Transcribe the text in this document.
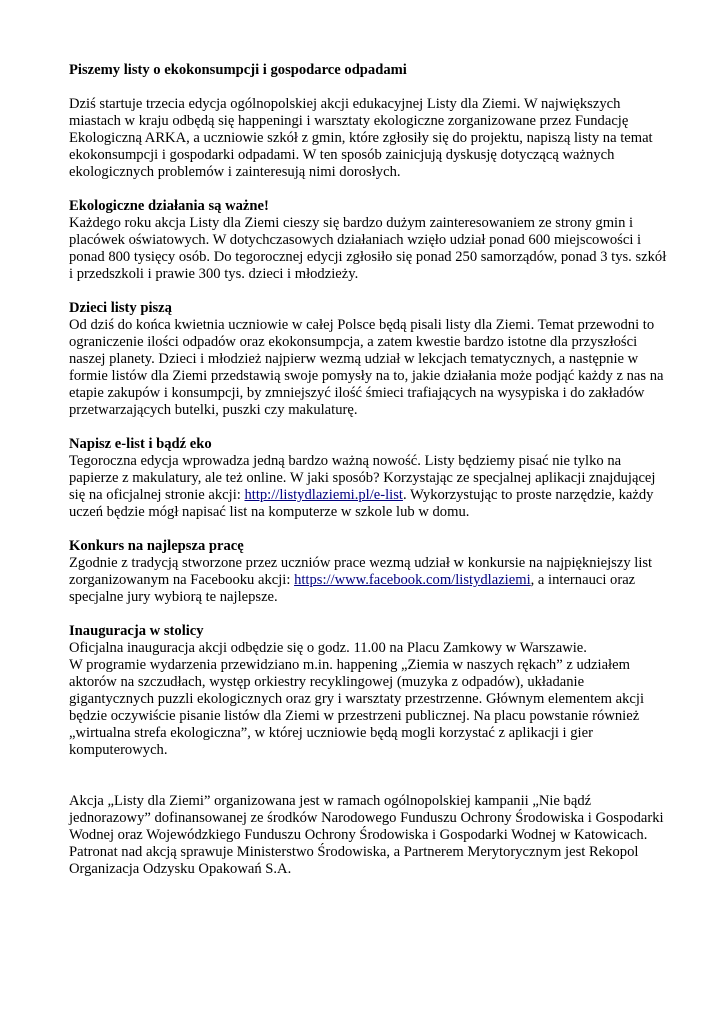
Piszemy listy o ekokonsumpcji i gospodarce odpadami

Dziś startuje trzecia edycja ogólnopolskiej akcji edukacyjnej Listy dla Ziemi. W największych miastach w kraju odbędą się happeningi i warsztaty ekologiczne zorganizowane przez Fundację Ekologiczną ARKA, a uczniowie szkół z gmin, które zgłosiły się do projektu, napiszą listy na temat ekokonsumpcji i gospodarki odpadami. W ten sposób zainicjują dyskusję dotyczącą ważnych ekologicznych problemów i zainteresują nimi dorosłych.

Ekologiczne działania są ważne!

Każdego roku akcja Listy dla Ziemi cieszy się bardzo dużym zainteresowaniem ze strony gmin i placówek oświatowych. W dotychczasowych działaniach wzięło udział ponad 600 miejscowości i ponad 800 tysięcy osób. Do tegorocznej edycji zgłosiło się ponad 250 samorządów, ponad 3 tys. szkół i przedszkoli i prawie 300 tys. dzieci i młodzieży.

Dzieci listy piszą

Od dziś do końca kwietnia uczniowie w całej Polsce będą pisali listy dla Ziemi. Temat przewodni to ograniczenie ilości odpadów oraz ekokonsumpcja, a zatem kwestie bardzo istotne dla przyszłości naszej planety. Dzieci i młodzież najpierw wezmą udział w lekcjach tematycznych, a następnie w formie listów dla Ziemi przedstawią swoje pomysły na to, jakie działania może podjąć każdy z nas na etapie zakupów i konsumpcji, by zmniejszyć ilość śmieci trafiających na wysypiska i do zakładów przetwarzających butelki, puszki czy makulaturę.

Napisz e-list i bądź eko

Tegoroczna edycja wprowadza jedną bardzo ważną nowość. Listy będziemy pisać nie tylko na papierze z makulatury, ale też online. W jaki sposób? Korzystając ze specjalnej aplikacji znajdującej się na oficjalnej stronie akcji: http://listydlaziemi.pl/e-list. Wykorzystując to proste narzędzie, każdy uczeń będzie mógł napisać list na komputerze w szkole lub w domu.

Konkurs na najlepsza pracę

Zgodnie z tradycją stworzone przez uczniów prace wezmą udział w konkursie na najpiękniejszy list zorganizowanym na Facebooku akcji: https://www.facebook.com/listydlaziemi, a internauci oraz specjalne jury wybiorą te najlepsze.

Inauguracja w stolicy

Oficjalna inauguracja akcji odbędzie się o godz. 11.00 na Placu Zamkowy w Warszawie.

W programie wydarzenia przewidziano m.in. happening „Ziemia w naszych rękach” z udziałem aktorów na szczudłach, występ orkiestry recyklingowej (muzyka z odpadów), układanie gigantycznych puzzli ekologicznych oraz gry i warsztaty przestrzenne. Głównym elementem akcji będzie oczywiście pisanie listów dla Ziemi w przestrzeni publicznej. Na placu powstanie również „wirtualna strefa ekologiczna”, w której uczniowie będą mogli korzystać z aplikacji i gier komputerowych.

Akcja „Listy dla Ziemi” organizowana jest w ramach ogólnopolskiej kampanii „Nie bądź jednorazowy” dofinansowanej ze środków Narodowego Funduszu Ochrony Środowiska i Gospodarki Wodnej oraz Wojewódzkiego Funduszu Ochrony Środowiska i Gospodarki Wodnej w Katowicach. Patronat nad akcją sprawuje Ministerstwo Środowiska, a Partnerem Merytorycznym jest Rekopol Organizacja Odzysku Opakowań S.A.
